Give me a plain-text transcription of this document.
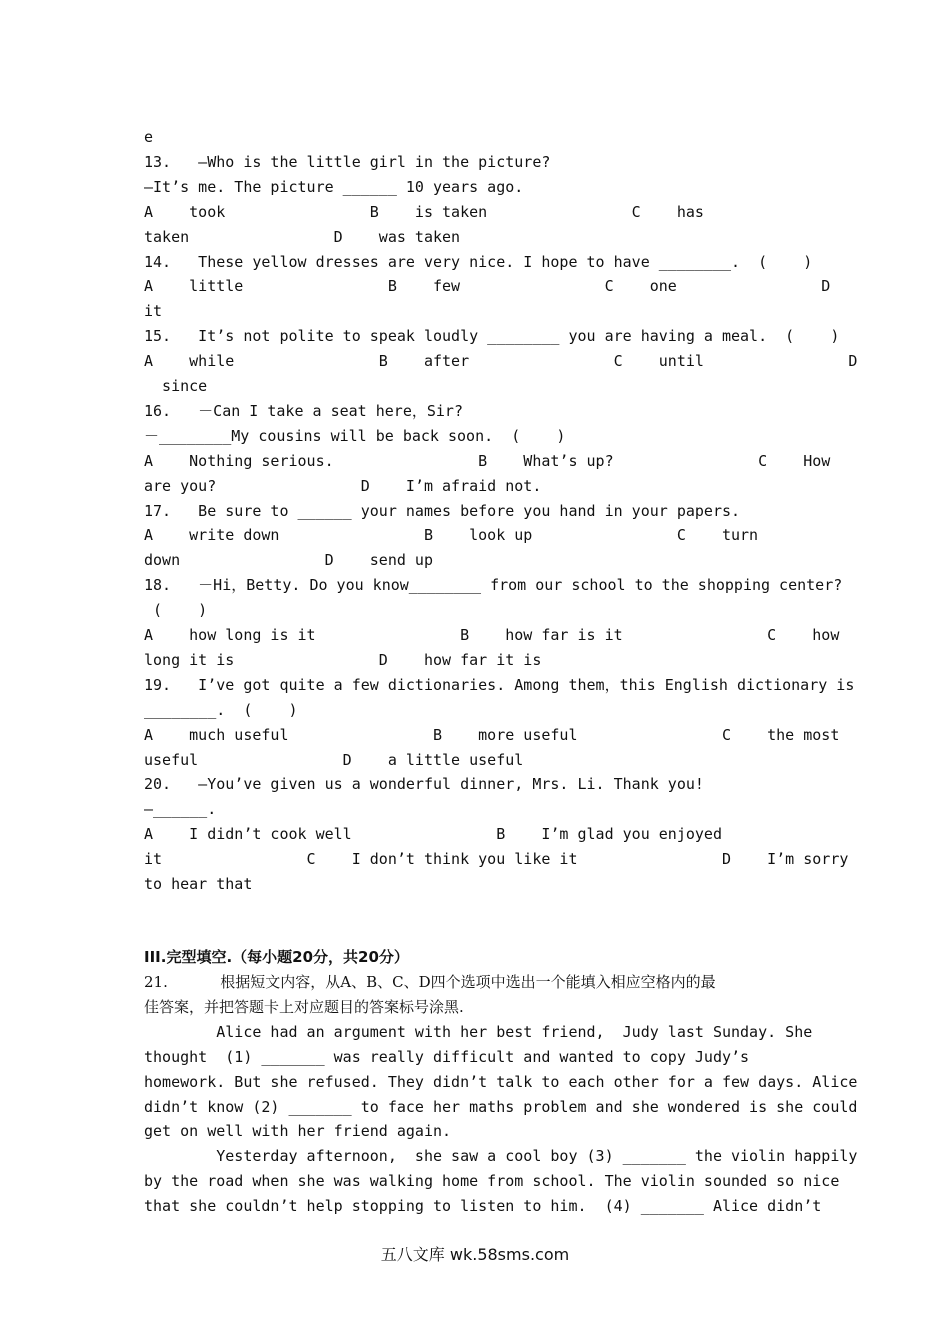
e
13.   —Who is the little girl in the picture?
—It’s me. The picture ______ 10 years ago.
A    took                B    is taken                C    has
taken                D    was taken
14.   These yellow dresses are very nice. I hope to have ________.  (    )
A    little                B    few                C    one                D
it
15.   It’s not polite to speak loudly ________ you are having a meal.  (    )
A    while                B    after                C    until                D
since
16.   －Can I take a seat here，Sir?
－________My cousins will be back soon.  (    )
A    Nothing serious.                B    What’s up?                C    How
are you?                D    I’m afraid not.
17.   Be sure to ______ your names before you hand in your papers.
A    write down                B    look up                C    turn
down                D    send up
18.   －Hi，Betty. Do you know________ from our school to the shopping center?
(    )
A    how long is it                B    how far is it                C    how
long it is                D    how far it is
19.   I’ve got quite a few dictionaries. Among them，this English dictionary is
________.  (    )
A    much useful                B    more useful                C    the most
useful                D    a little useful
20.   —You’ve given us a wonderful dinner, Mrs. Li. Thank you!
—______.
A    I didn’t cook well                B    I’m glad you enjoyed
it                C    I don’t think you like it                D    I’m sorry
to hear that
III.完型填空.（每小题20分，共20分）
21.           根据短文内容，从A、B、C、D四个选项中选出一个能填入相应空格内的最
佳答案，并把答题卡上对应题目的答案标号涂黑.
Alice had an argument with her best friend,  Judy last Sunday. She
thought  (1) _______ was really difficult and wanted to copy Judy’s
homework. But she refused. They didn’t talk to each other for a few days. Alice
didn’t know (2) _______ to face her maths problem and she wondered is she could
get on well with her friend again.
Yesterday afternoon,  she saw a cool boy (3) _______ the violin happily
by the road when she was walking home from school. The violin sounded so nice
that she couldn’t help stopping to listen to him.  (4) _______ Alice didn’t
五八文库 wk.58sms.com
